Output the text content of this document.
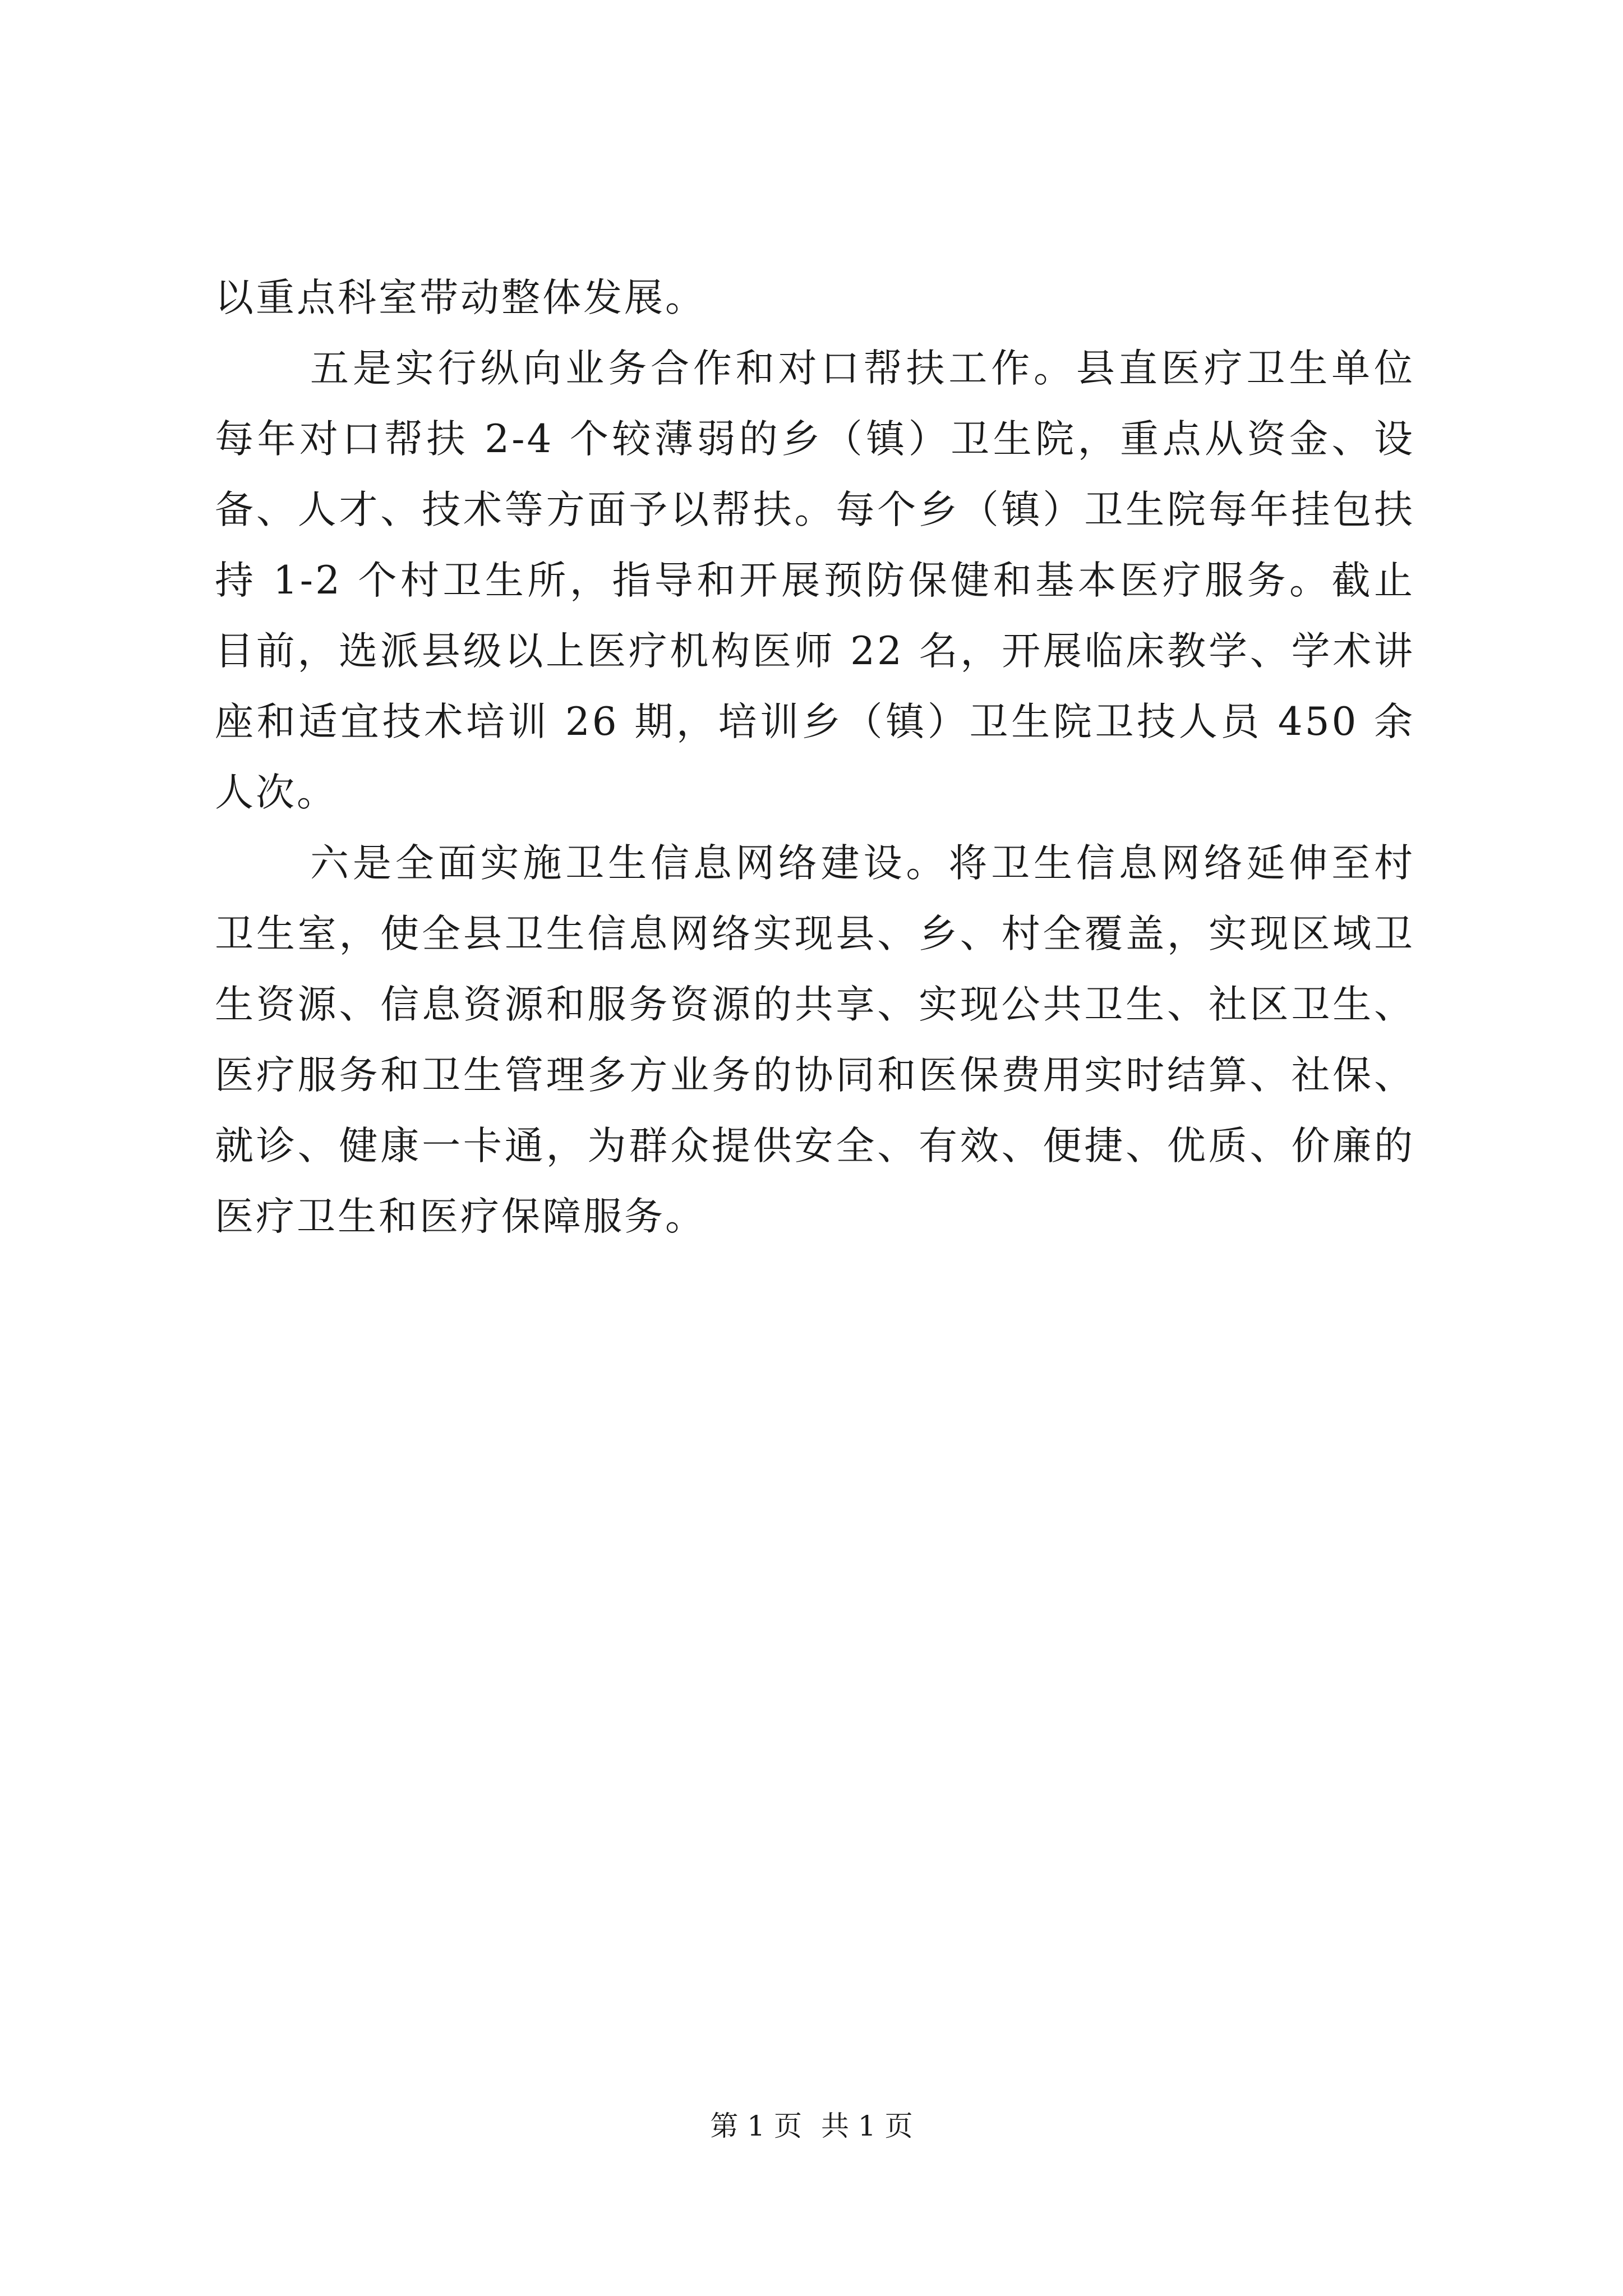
以重点科室带动整体发展。

五是实行纵向业务合作和对口帮扶工作。县直医疗卫生单位每年对口帮扶 2-4 个较薄弱的乡（镇）卫生院，重点从资金、设备、人才、技术等方面予以帮扶。每个乡（镇）卫生院每年挂包扶持 1-2 个村卫生所，指导和开展预防保健和基本医疗服务。截止目前，选派县级以上医疗机构医师 22 名，开展临床教学、学术讲座和适宜技术培训 26 期，培训乡（镇）卫生院卫技人员 450 余人次。

六是全面实施卫生信息网络建设。将卫生信息网络延伸至村卫生室，使全县卫生信息网络实现县、乡、村全覆盖，实现区域卫生资源、信息资源和服务资源的共享、实现公共卫生、社区卫生、医疗服务和卫生管理多方业务的协同和医保费用实时结算、社保、就诊、健康一卡通，为群众提供安全、有效、便捷、优质、价廉的医疗卫生和医疗保障服务。

第 1 页 共 1 页
